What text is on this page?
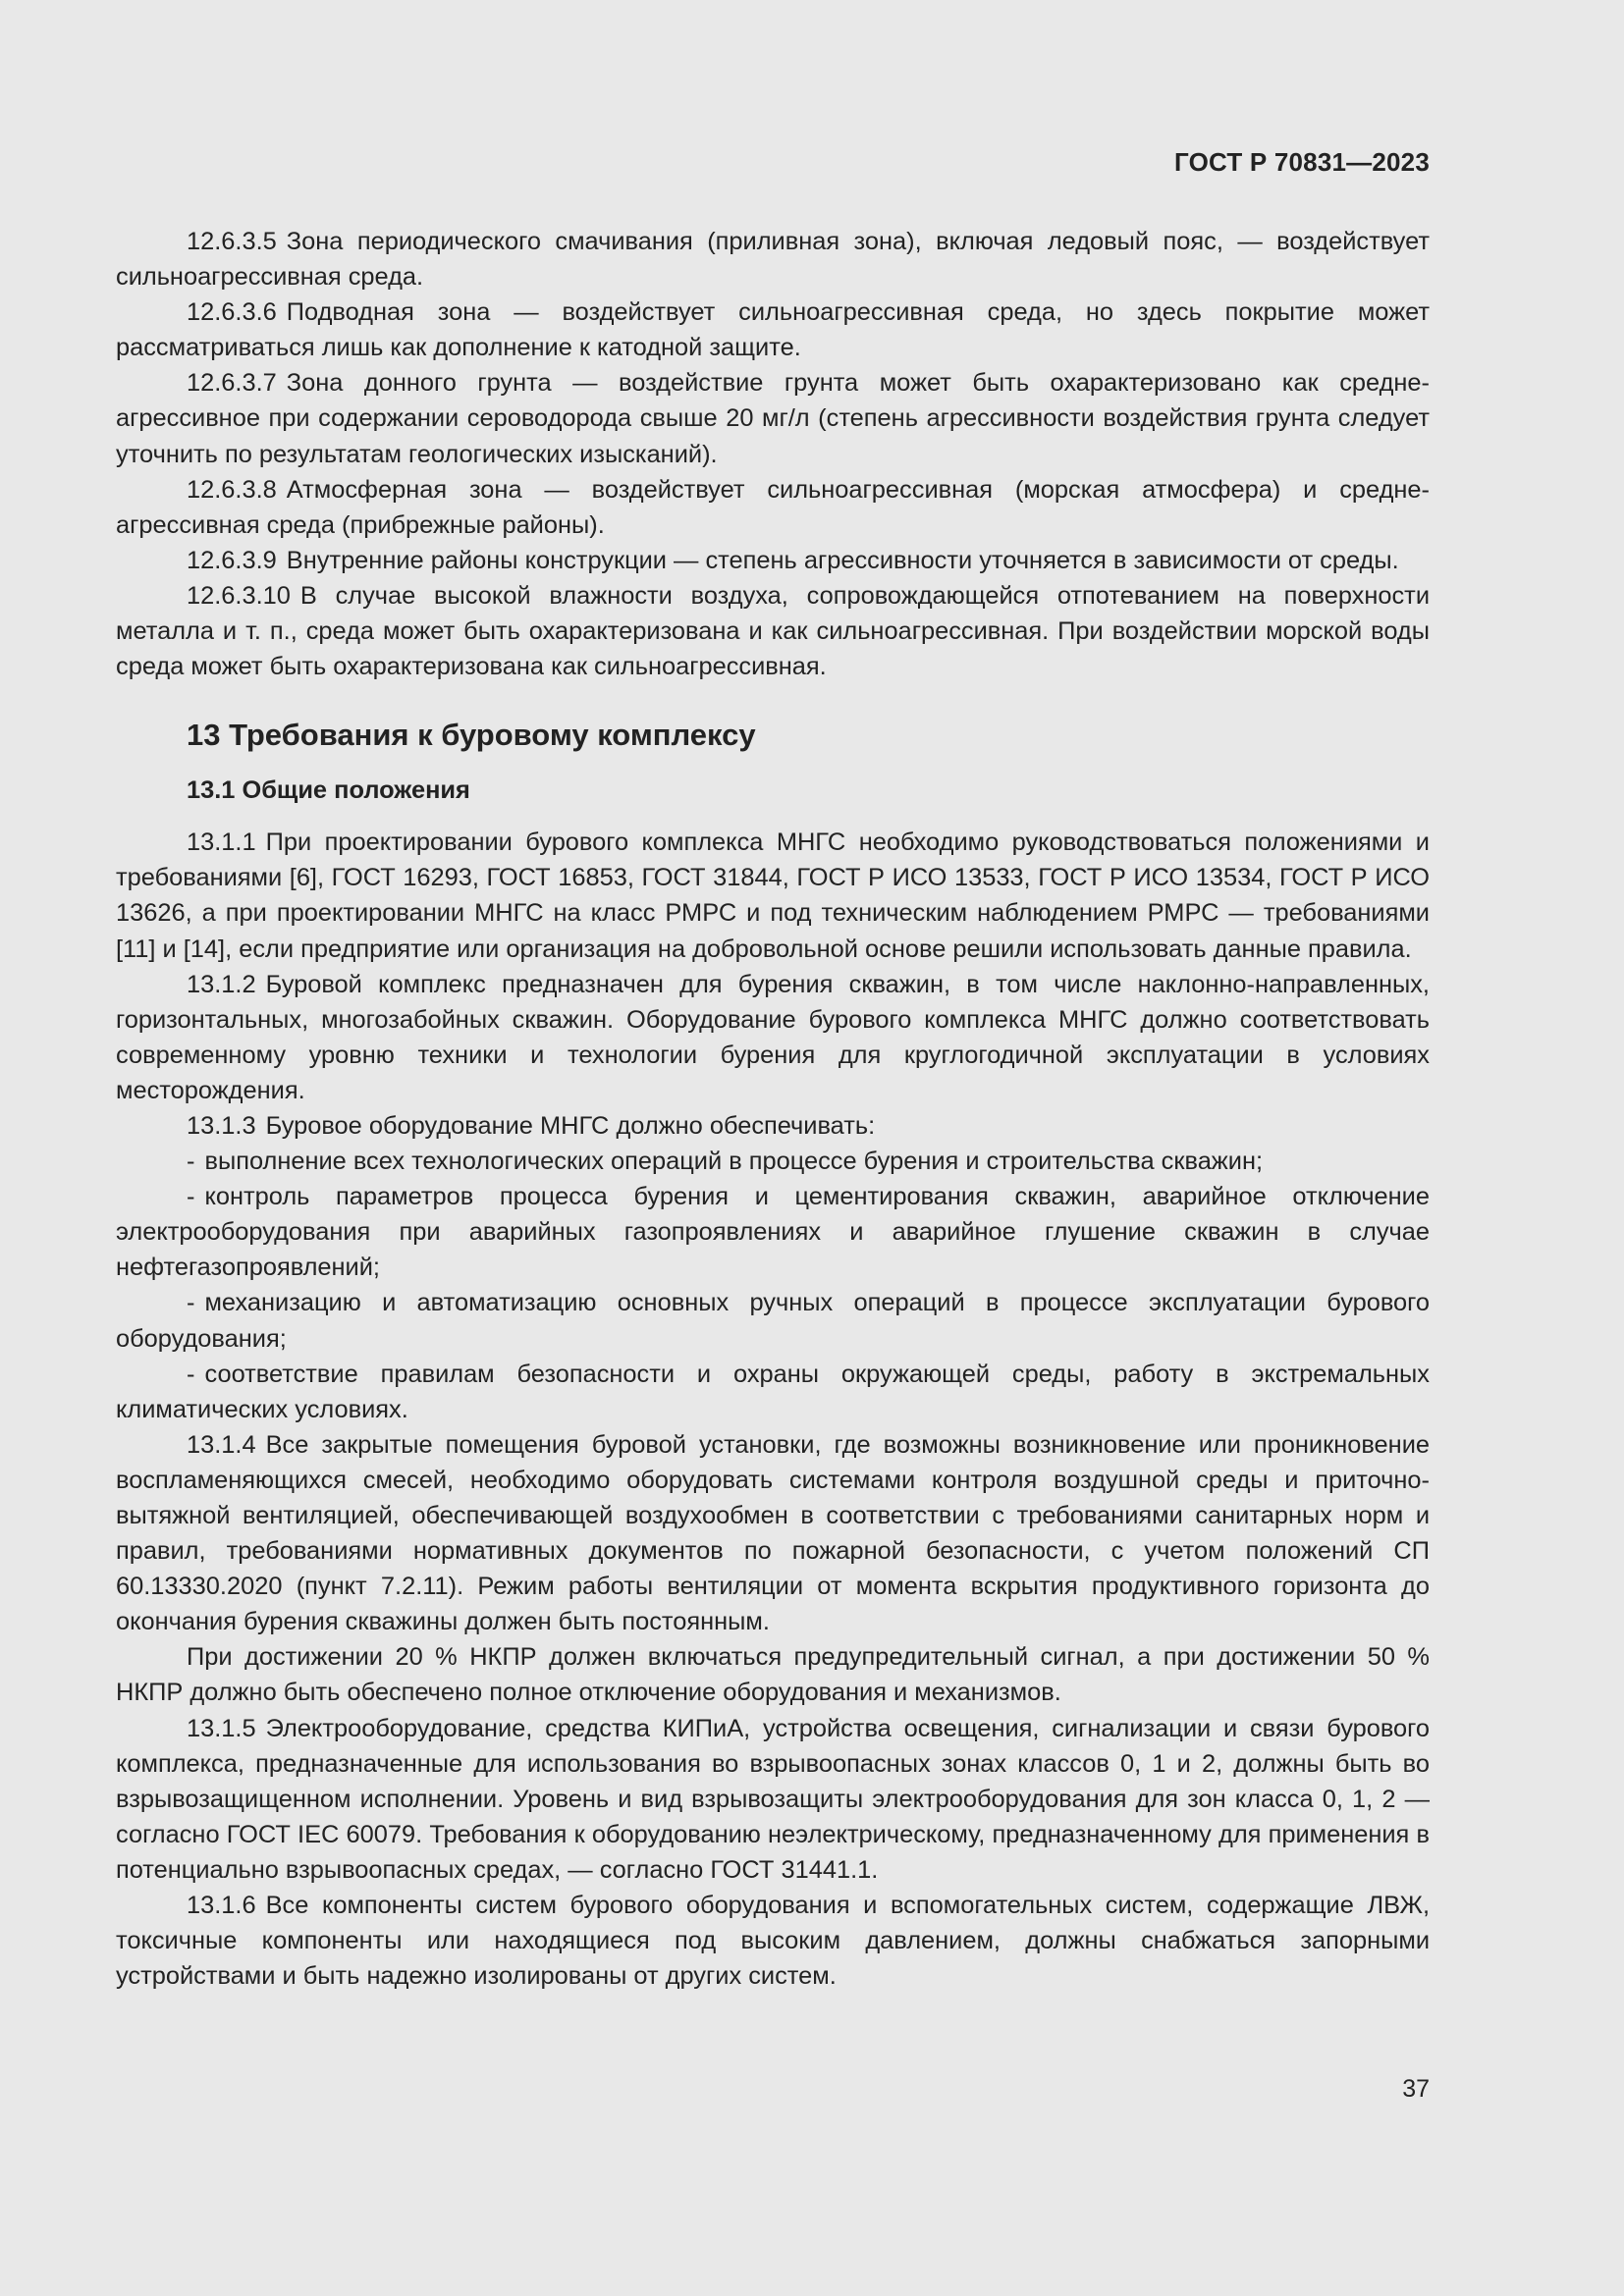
ГОСТ Р 70831—2023

12.6.3.5 Зона периодического смачивания (приливная зона), включая ледовый пояс, — воздействует сильноагрессивная среда.

12.6.3.6 Подводная зона — воздействует сильноагрессивная среда, но здесь покрытие может рассматриваться лишь как дополнение к катодной защите.

12.6.3.7 Зона донного грунта — воздействие грунта может быть охарактеризовано как средне-агрессивное при содержании сероводорода свыше 20 мг/л (степень агрессивности воздействия грунта следует уточнить по результатам геологических изысканий).

12.6.3.8 Атмосферная зона — воздействует сильноагрессивная (морская атмосфера) и средне-агрессивная среда (прибрежные районы).

12.6.3.9 Внутренние районы конструкции — степень агрессивности уточняется в зависимости от среды.

12.6.3.10 В случае высокой влажности воздуха, сопровождающейся отпотеванием на поверхности металла и т. п., среда может быть охарактеризована и как сильноагрессивная. При воздействии морской воды среда может быть охарактеризована как сильноагрессивная.

13 Требования к буровому комплексу
13.1 Общие положения

13.1.1 При проектировании бурового комплекса МНГС необходимо руководствоваться положениями и требованиями [6], ГОСТ 16293, ГОСТ 16853, ГОСТ 31844, ГОСТ Р ИСО 13533, ГОСТ Р ИСО 13534, ГОСТ Р ИСО 13626, а при проектировании МНГС на класс РМРС и под техническим наблюдением РМРС — требованиями [11] и [14], если предприятие или организация на добровольной основе решили использовать данные правила.

13.1.2 Буровой комплекс предназначен для бурения скважин, в том числе наклонно-направленных, горизонтальных, многозабойных скважин. Оборудование бурового комплекса МНГС должно соответствовать современному уровню техники и технологии бурения для круглогодичной эксплуатации в условиях месторождения.

13.1.3 Буровое оборудование МНГС должно обеспечивать:

- выполнение всех технологических операций в процессе бурения и строительства скважин;

- контроль параметров процесса бурения и цементирования скважин, аварийное отключение электрооборудования при аварийных газопроявлениях и аварийное глушение скважин в случае нефтегазопроявлений;

- механизацию и автоматизацию основных ручных операций в процессе эксплуатации бурового оборудования;

- соответствие правилам безопасности и охраны окружающей среды, работу в экстремальных климатических условиях.

13.1.4 Все закрытые помещения буровой установки, где возможны возникновение или проникновение воспламеняющихся смесей, необходимо оборудовать системами контроля воздушной среды и приточно-вытяжной вентиляцией, обеспечивающей воздухообмен в соответствии с требованиями санитарных норм и правил, требованиями нормативных документов по пожарной безопасности, с учетом положений СП 60.13330.2020 (пункт 7.2.11). Режим работы вентиляции от момента вскрытия продуктивного горизонта до окончания бурения скважины должен быть постоянным.

При достижении 20 % НКПР должен включаться предупредительный сигнал, а при достижении 50 % НКПР должно быть обеспечено полное отключение оборудования и механизмов.

13.1.5 Электрооборудование, средства КИПиА, устройства освещения, сигнализации и связи бурового комплекса, предназначенные для использования во взрывоопасных зонах классов 0, 1 и 2, должны быть во взрывозащищенном исполнении. Уровень и вид взрывозащиты электрооборудования для зон класса 0, 1, 2 — согласно ГОСТ IEC 60079. Требования к оборудованию неэлектрическому, предназначенному для применения в потенциально взрывоопасных средах, — согласно ГОСТ 31441.1.

13.1.6 Все компоненты систем бурового оборудования и вспомогательных систем, содержащие ЛВЖ, токсичные компоненты или находящиеся под высоким давлением, должны снабжаться запорными устройствами и быть надежно изолированы от других систем.

37
